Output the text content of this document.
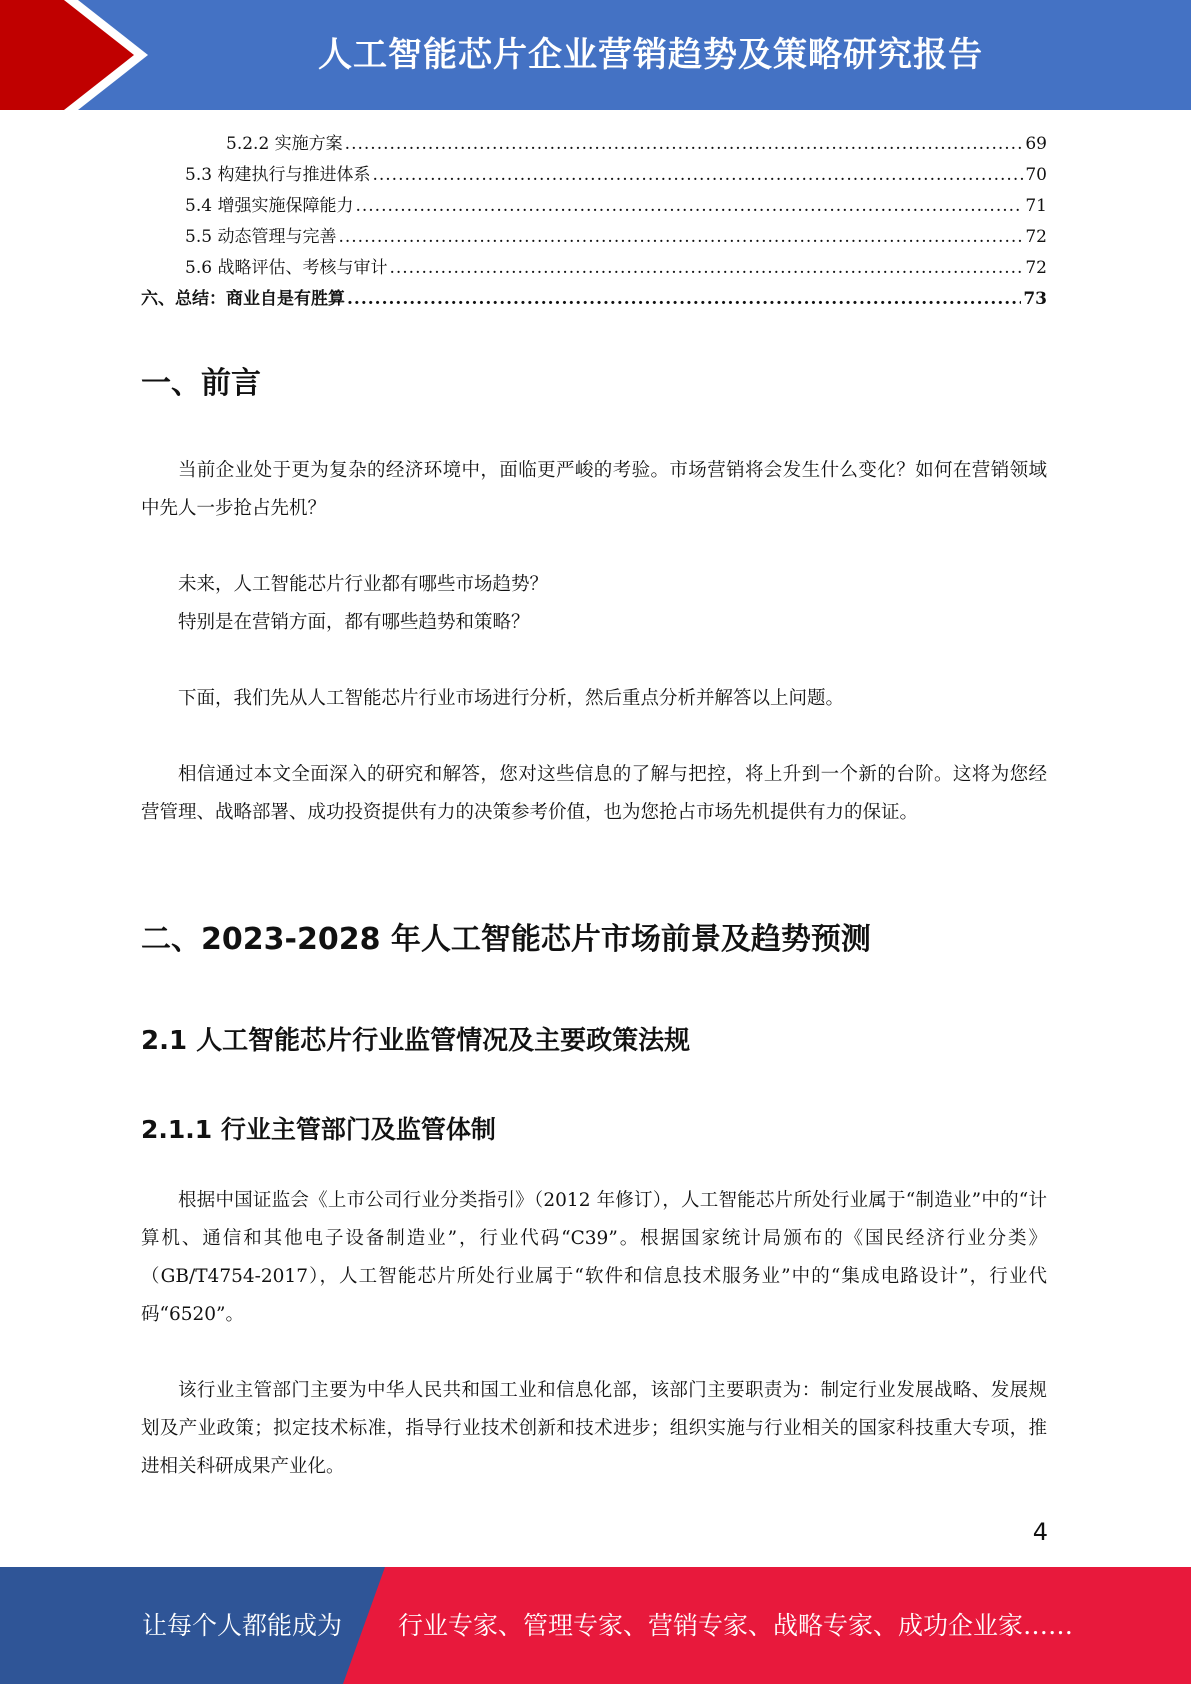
人工智能芯片企业营销趋势及策略研究报告
5.2.2 实施方案 .....	69
5.3 构建执行与推进体系 .....	70
5.4 增强实施保障能力 .....	71
5.5 动态管理与完善 .....	72
5.6 战略评估、考核与审计 .....	72
六、总结：商业自是有胜算 .....	73
一、前言

当前企业处于更为复杂的经济环境中，面临更严峻的考验。市场营销将会发生什么变化？如何在营销领域中先人一步抢占先机？

未来，人工智能芯片行业都有哪些市场趋势？

特别是在营销方面，都有哪些趋势和策略？

下面，我们先从人工智能芯片行业市场进行分析，然后重点分析并解答以上问题。

相信通过本文全面深入的研究和解答，您对这些信息的了解与把控，将上升到一个新的台阶。这将为您经营管理、战略部署、成功投资提供有力的决策参考价值，也为您抢占市场先机提供有力的保证。

二、2023-2028 年人工智能芯片市场前景及趋势预测
2.1 人工智能芯片行业监管情况及主要政策法规
2.1.1 行业主管部门及监管体制

根据中国证监会《上市公司行业分类指引》（2012 年修订），人工智能芯片所处行业属于“制造业”中的“计算机、通信和其他电子设备制造业”，行业代码“C39”。根据国家统计局颁布的《国民经济行业分类》（GB/T4754-2017），人工智能芯片所处行业属于“软件和信息技术服务业”中的“集成电路设计”，行业代码“6520”。

该行业主管部门主要为中华人民共和国工业和信息化部，该部门主要职责为：制定行业发展战略、发展规划及产业政策；拟定技术标准，指导行业技术创新和技术进步；组织实施与行业相关的国家科技重大专项，推进相关科研成果产业化。

4
让每个人都能成为 行业专家、管理专家、营销专家、战略专家、成功企业家……
